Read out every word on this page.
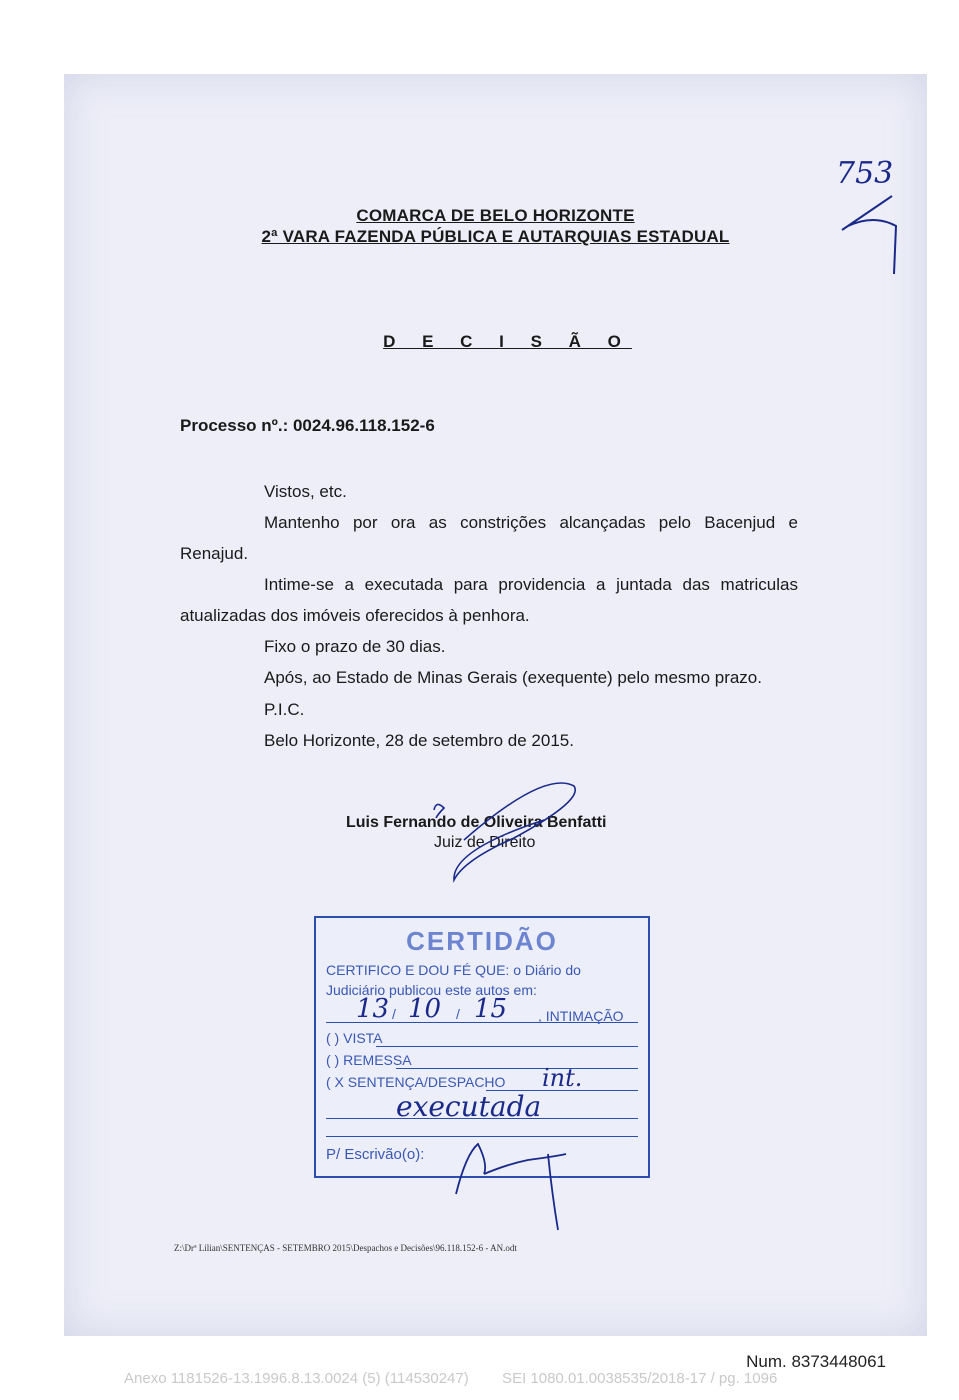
753
COMARCA DE BELO HORIZONTE
2ª VARA FAZENDA PÚBLICA E AUTARQUIAS ESTADUAL
D E C I S Ã O
Processo nº.: 0024.96.118.152-6
Vistos, etc.
Mantenho por ora as constrições alcançadas pelo Bacenjud e
Renajud.
Intime-se a executada para providencia a juntada das matriculas
atualizadas dos imóveis oferecidos à penhora.
Fixo o prazo de 30 dias.
Após, ao Estado de Minas Gerais (exequente) pelo mesmo prazo.
P.I.C.
Belo Horizonte, 28 de setembro de 2015.
Luis Fernando de Oliveira Benfatti
Juiz de Direito
CERTIDÃO
CERTIFICO E DOU FÉ QUE: o Diário do
Judiciário publicou este autos em:
13 / 10 / 15 , INTIMAÇÃO
( ) VISTA
( ) REMESSA
( X SENTENÇA/DESPACHO int.
executada
P/ Escrivão(o):
Z:\Drª Lilian\SENTENÇAS - SETEMBRO 2015\Despachos e Decisões\96.118.152-6 - AN.odt
Num. 8373448061
Anexo 1181526-13.1996.8.13.0024 (5) (114530247)        SEI 1080.01.0038535/2018-17 / pg. 1096
